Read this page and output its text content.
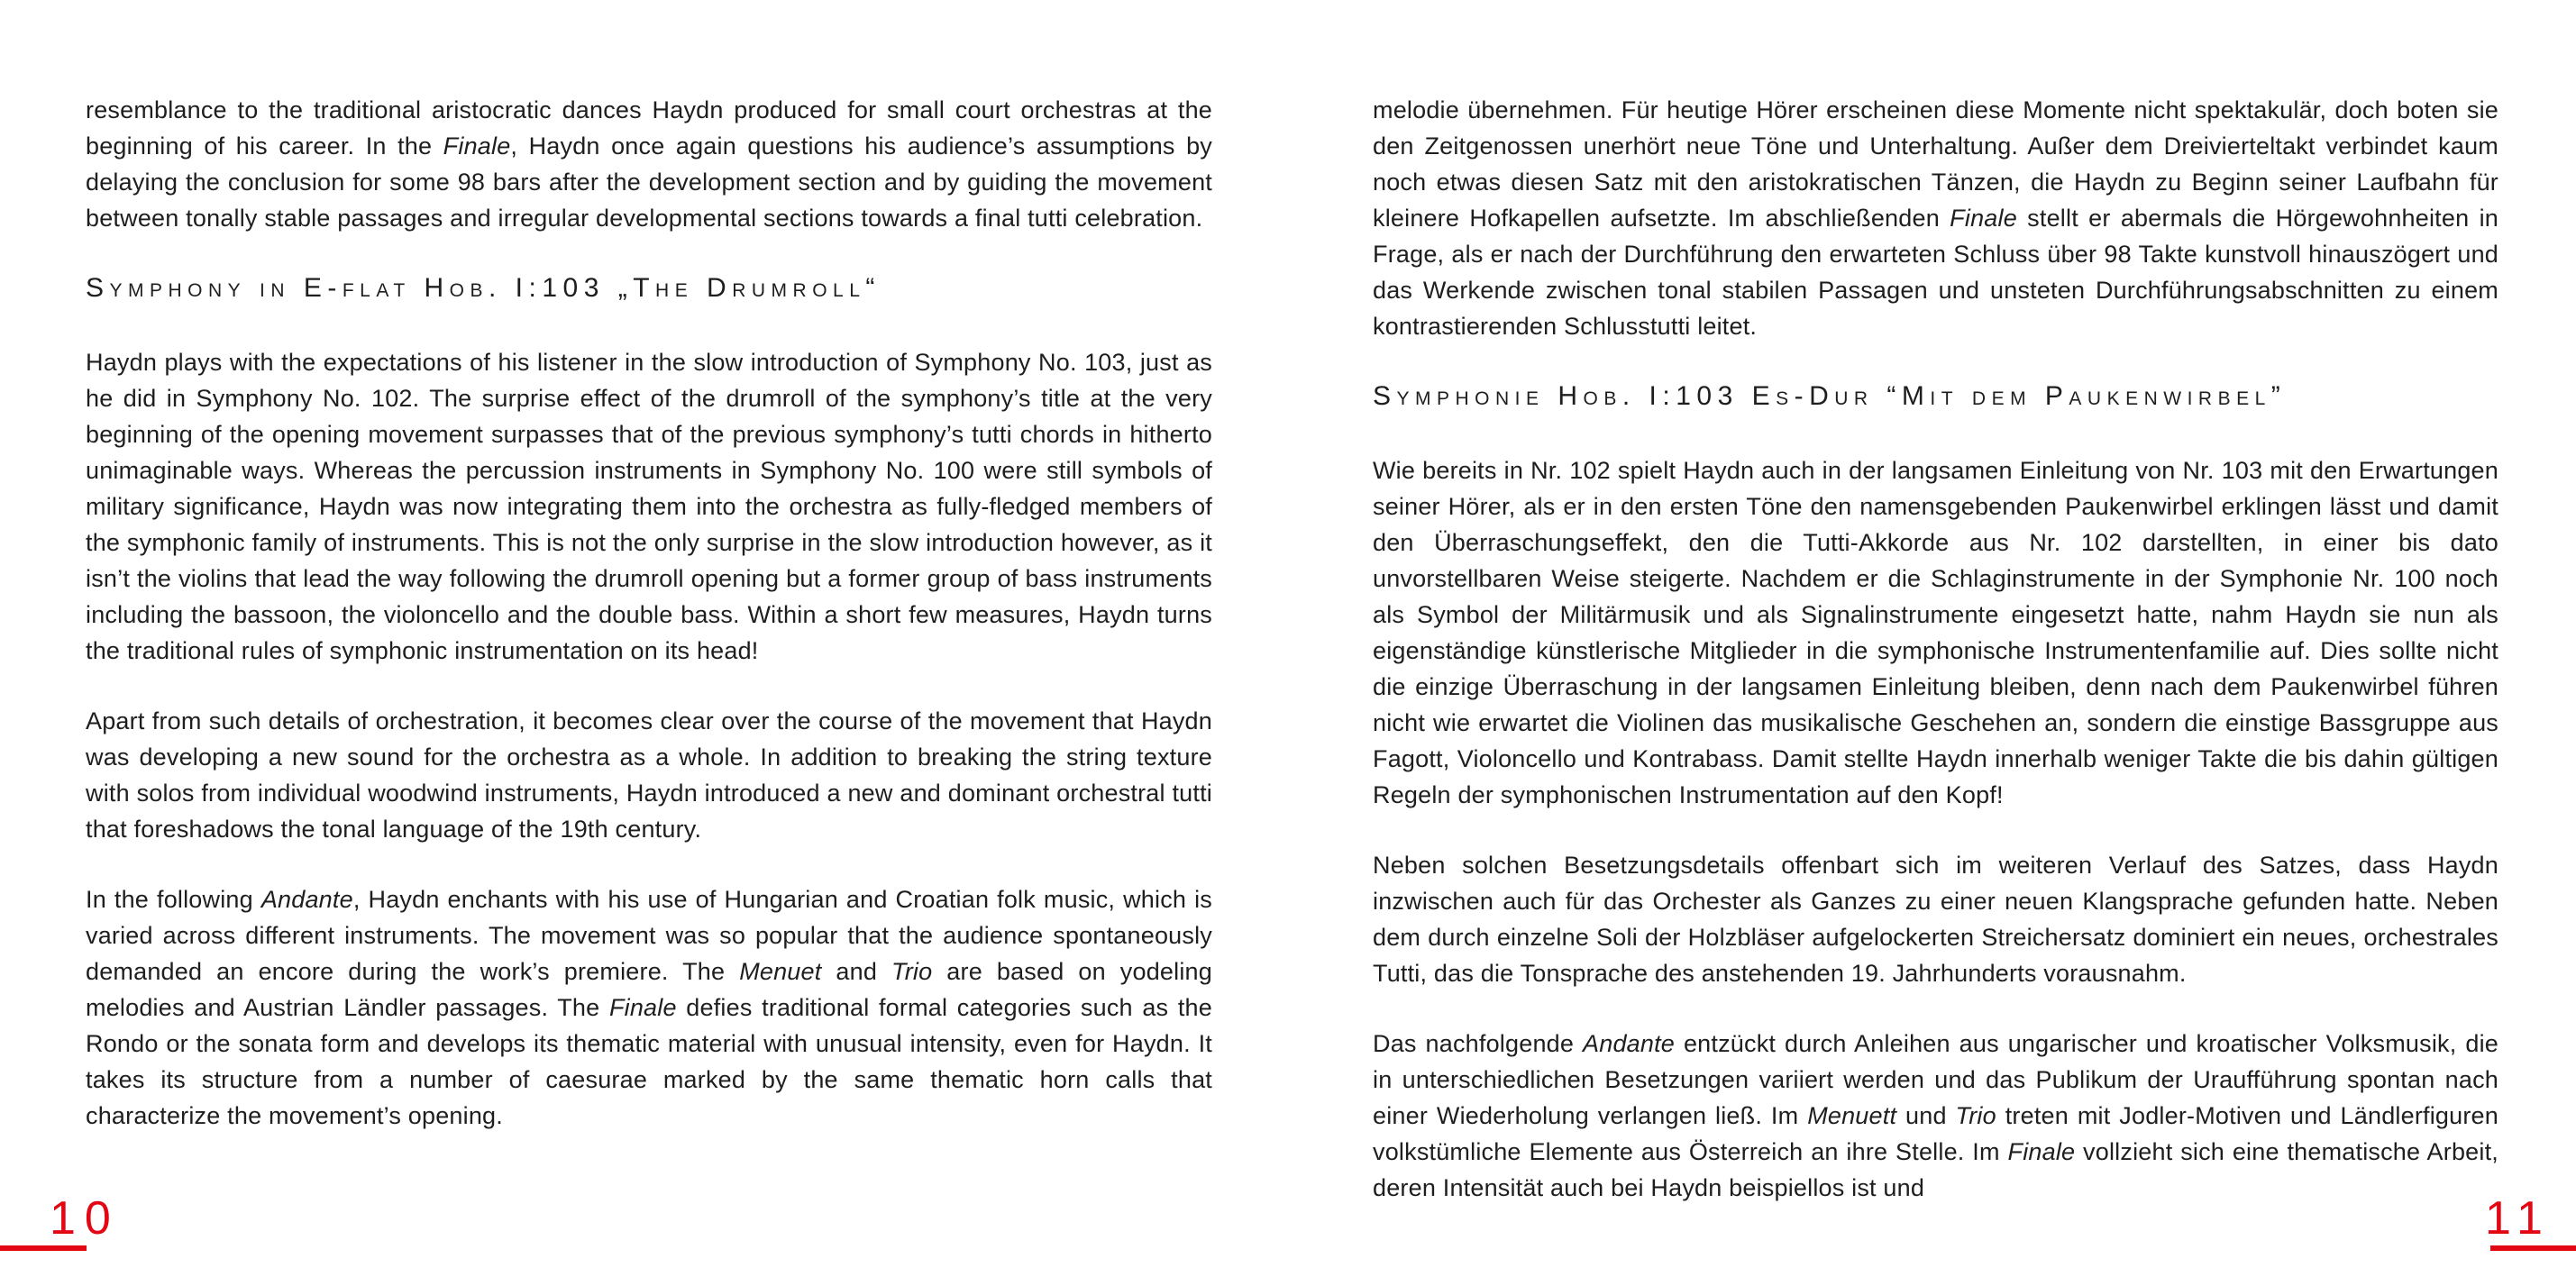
resemblance to the traditional aristocratic dances Haydn produced for small court orchestras at the beginning of his career. In the Finale, Haydn once again questions his audience’s assumptions by delaying the conclusion for some 98 bars after the development section and by guiding the movement between tonally stable passages and irregular developmental sections towards a final tutti celebration.

Symphony in E-flat Hob. I:103 „The Drumroll“

Haydn plays with the expectations of his listener in the slow introduction of Symphony No. 103, just as he did in Symphony No. 102. The surprise effect of the drumroll of the symphony’s title at the very beginning of the opening movement surpasses that of the previous symphony’s tutti chords in hitherto unimaginable ways. Whereas the percussion instruments in Symphony No. 100 were still symbols of military significance, Haydn was now integrating them into the orchestra as fully-fledged members of the symphonic family of instruments. This is not the only surprise in the slow introduction however, as it isn’t the violins that lead the way following the drumroll opening but a former group of bass instruments including the bassoon, the violoncello and the double bass. Within a short few measures, Haydn turns the traditional rules of symphonic instrumentation on its head!

Apart from such details of orchestration, it becomes clear over the course of the movement that Haydn was developing a new sound for the orchestra as a whole. In addition to breaking the string texture with solos from individual woodwind instruments, Haydn introduced a new and dominant orchestral tutti that foreshadows the tonal language of the 19th century.

In the following Andante, Haydn enchants with his use of Hungarian and Croatian folk music, which is varied across different instruments. The movement was so popular that the audience spontaneously demanded an encore during the work’s premiere. The Menuet and Trio are based on yodeling melodies and Austrian Ländler passages. The Finale defies traditional formal categories such as the Rondo or the sonata form and develops its thematic material with unusual intensity, even for Haydn. It takes its structure from a number of caesurae marked by the same thematic horn calls that characterize the movement’s opening.

10

melodie übernehmen. Für heutige Hörer erscheinen diese Momente nicht spektakulär, doch boten sie den Zeitgenossen unerhört neue Töne und Unterhaltung. Außer dem Dreivierteltakt verbindet kaum noch etwas diesen Satz mit den aristokratischen Tänzen, die Haydn zu Beginn seiner Laufbahn für kleinere Hofkapellen aufsetzte. Im abschließenden Finale stellt er abermals die Hörgewohnheiten in Frage, als er nach der Durchführung den erwarteten Schluss über 98 Takte kunstvoll hinauszögert und das Werkende zwischen tonal stabilen Passagen und unsteten Durchführungsabschnitten zu einem kontrastierenden Schlusstutti leitet.

Symphonie Hob. I:103 Es-Dur “Mit dem Paukenwirbel”

Wie bereits in Nr. 102 spielt Haydn auch in der langsamen Einleitung von Nr. 103 mit den Erwartungen seiner Hörer, als er in den ersten Töne den namensgebenden Paukenwirbel erklingen lässt und damit den Überraschungseffekt, den die Tutti-Akkorde aus Nr. 102 darstellten, in einer bis dato unvorstellbaren Weise steigerte. Nachdem er die Schlaginstrumente in der Symphonie Nr. 100 noch als Symbol der Militärmusik und als Signalinstrumente eingesetzt hatte, nahm Haydn sie nun als eigenständige künstlerische Mitglieder in die symphonische Instrumentenfamilie auf. Dies sollte nicht die einzige Überraschung in der langsamen Einleitung bleiben, denn nach dem Paukenwirbel führen nicht wie erwartet die Violinen das musikalische Geschehen an, sondern die einstige Bassgruppe aus Fagott, Violoncello und Kontrabass. Damit stellte Haydn innerhalb weniger Takte die bis dahin gültigen Regeln der symphonischen Instrumentation auf den Kopf!

Neben solchen Besetzungsdetails offenbart sich im weiteren Verlauf des Satzes, dass Haydn inzwischen auch für das Orchester als Ganzes zu einer neuen Klangsprache gefunden hatte. Neben dem durch einzelne Soli der Holzbläser aufgelockerten Streichersatz dominiert ein neues, orchestrales Tutti, das die Tonsprache des anstehenden 19. Jahrhunderts vorausnahm.

Das nachfolgende Andante entzückt durch Anleihen aus ungarischer und kroatischer Volksmusik, die in unterschiedlichen Besetzungen variiert werden und das Publikum der Uraufführung spontan nach einer Wiederholung verlangen ließ. Im Menuett und Trio treten mit Jodler-Motiven und Ländlerfiguren volkstümliche Elemente aus Österreich an ihre Stelle. Im Finale vollzieht sich eine thematische Arbeit, deren Intensität auch bei Haydn beispiellos ist und

11
